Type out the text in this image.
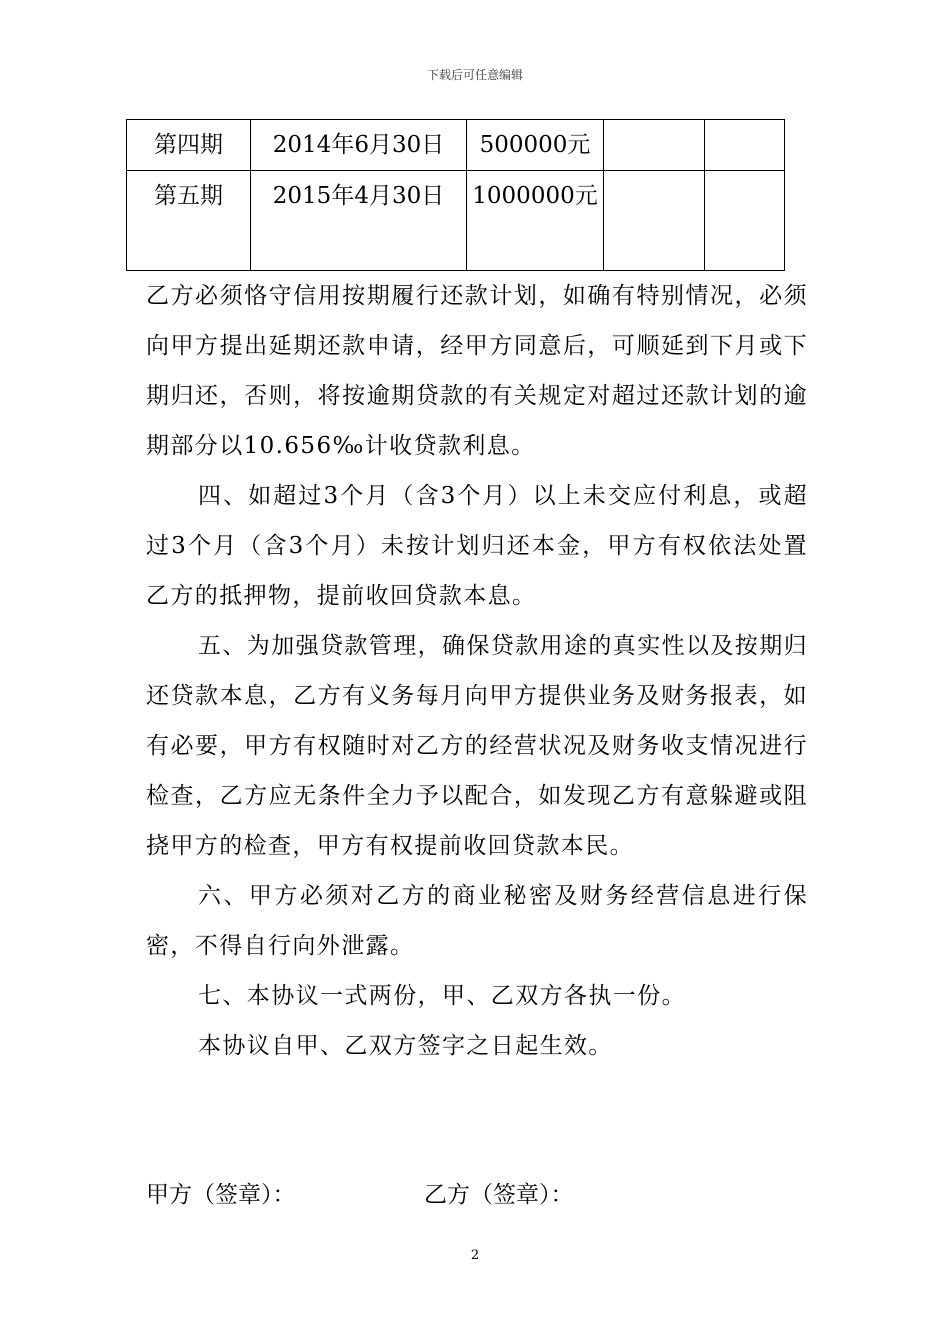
下载后可任意编辑
第四期	2014年6月30日	500000元		
第五期	2015年4月30日	1000000元		

乙方必须恪守信用按期履行还款计划，如确有特别情况，必须向甲方提出延期还款申请，经甲方同意后，可顺延到下月或下期归还，否则，将按逾期贷款的有关规定对超过还款计划的逾期部分以10.656‰计收贷款利息。

四、如超过3个月（含3个月）以上未交应付利息，或超过3个月（含3个月）未按计划归还本金，甲方有权依法处置乙方的抵押物，提前收回贷款本息。

五、为加强贷款管理，确保贷款用途的真实性以及按期归还贷款本息，乙方有义务每月向甲方提供业务及财务报表，如有必要，甲方有权随时对乙方的经营状况及财务收支情况进行检查，乙方应无条件全力予以配合，如发现乙方有意躲避或阻挠甲方的检查，甲方有权提前收回贷款本民。

六、甲方必须对乙方的商业秘密及财务经营信息进行保密，不得自行向外泄露。

七、本协议一式两份，甲、乙双方各执一份。

本协议自甲、乙双方签字之日起生效。

甲方（签章）：	乙方（签章）：
2
